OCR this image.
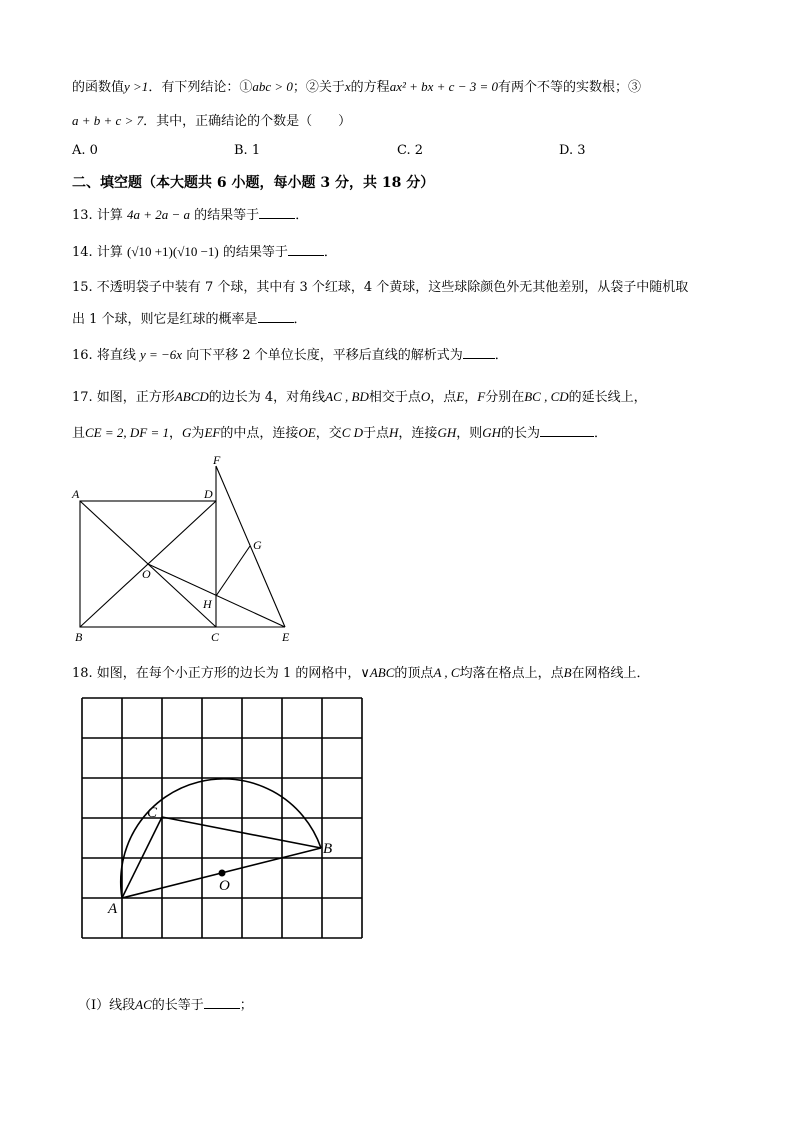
的函数值y >1．有下列结论：①abc > 0；②关于x的方程ax² + bx + c − 3 = 0有两个不等的实数根；③
a + b + c > 7．其中，正确结论的个数是（　　）
A. 0	B. 1	C. 2	D. 3
二、填空题（本大题共 6 小题，每小题 3 分，共 18 分）
13. 计算 4a + 2a − a 的结果等于	．
14. 计算 (√10 +1)(√10 −1) 的结果等于	．
15. 不透明袋子中装有 7 个球，其中有 3 个红球，4 个黄球，这些球除颜色外无其他差别，从袋子中随机取
出 1 个球，则它是红球的概率是	．
16. 将直线 y = −6x 向下平移 2 个单位长度，平移后直线的解析式为 ．
17. 如图，正方形ABCD的边长为 4，对角线AC , BD相交于点O，点E，F分别在BC , CD的延长线上，
且CE = 2, DF = 1，G为EF的中点，连接OE，交C D于点H，连接GH，则GH的长为	．
A	D
F
G
O
H
B	C	E
18. 如图，在每个小正方形的边长为 1 的网格中，∨ABC的顶点A , C均落在格点上，点B在网格线上．
C
B
O
A
（Ⅰ）线段AC的长等于	；
